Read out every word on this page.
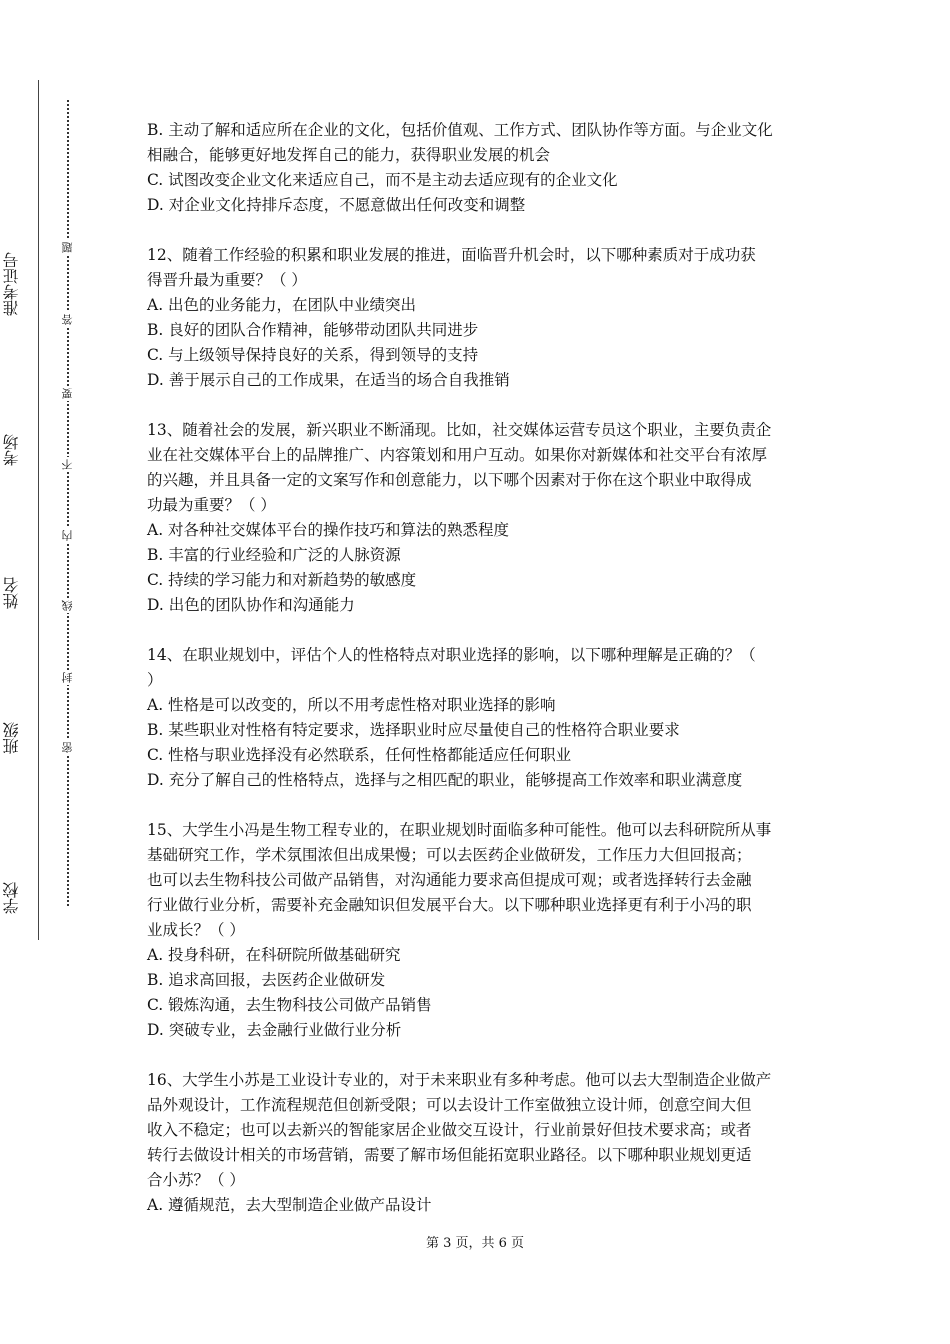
准考证号
考场
姓名
班级
学校
题
答
要
不
内
线
封
密
B. 主动了解和适应所在企业的文化，包括价值观、工作方式、团队协作等方面。与企业文化
相融合，能够更好地发挥自己的能力，获得职业发展的机会
C. 试图改变企业文化来适应自己，而不是主动去适应现有的企业文化
D. 对企业文化持排斥态度，不愿意做出任何改变和调整
12、随着工作经验的积累和职业发展的推进，面临晋升机会时，以下哪种素质对于成功获
得晋升最为重要？（ ）
A. 出色的业务能力，在团队中业绩突出
B. 良好的团队合作精神，能够带动团队共同进步
C. 与上级领导保持良好的关系，得到领导的支持
D. 善于展示自己的工作成果，在适当的场合自我推销
13、随着社会的发展，新兴职业不断涌现。比如，社交媒体运营专员这个职业，主要负责企
业在社交媒体平台上的品牌推广、内容策划和用户互动。如果你对新媒体和社交平台有浓厚
的兴趣，并且具备一定的文案写作和创意能力，以下哪个因素对于你在这个职业中取得成
功最为重要？（ ）
A. 对各种社交媒体平台的操作技巧和算法的熟悉程度
B. 丰富的行业经验和广泛的人脉资源
C. 持续的学习能力和对新趋势的敏感度
D. 出色的团队协作和沟通能力
14、在职业规划中，评估个人的性格特点对职业选择的影响，以下哪种理解是正确的？（
）
A. 性格是可以改变的，所以不用考虑性格对职业选择的影响
B. 某些职业对性格有特定要求，选择职业时应尽量使自己的性格符合职业要求
C. 性格与职业选择没有必然联系，任何性格都能适应任何职业
D. 充分了解自己的性格特点，选择与之相匹配的职业，能够提高工作效率和职业满意度
15、大学生小冯是生物工程专业的，在职业规划时面临多种可能性。他可以去科研院所从事
基础研究工作，学术氛围浓但出成果慢；可以去医药企业做研发，工作压力大但回报高；
也可以去生物科技公司做产品销售，对沟通能力要求高但提成可观；或者选择转行去金融
行业做行业分析，需要补充金融知识但发展平台大。以下哪种职业选择更有利于小冯的职
业成长？（ ）
A. 投身科研，在科研院所做基础研究
B. 追求高回报，去医药企业做研发
C. 锻炼沟通，去生物科技公司做产品销售
D. 突破专业，去金融行业做行业分析
16、大学生小苏是工业设计专业的，对于未来职业有多种考虑。他可以去大型制造企业做产
品外观设计，工作流程规范但创新受限；可以去设计工作室做独立设计师，创意空间大但
收入不稳定；也可以去新兴的智能家居企业做交互设计，行业前景好但技术要求高；或者
转行去做设计相关的市场营销，需要了解市场但能拓宽职业路径。以下哪种职业规划更适
合小苏？（ ）
A. 遵循规范，去大型制造企业做产品设计
第 3 页，共 6 页
